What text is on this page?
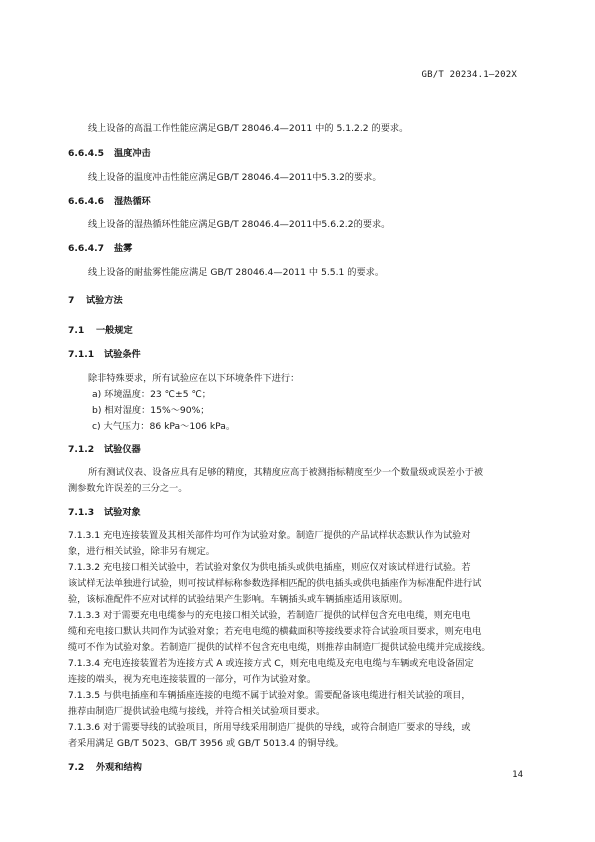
GB/T 20234.1—202X
线上设备的高温工作性能应满足GB/T 28046.4—2011 中的 5.1.2.2 的要求。
6.6.4.5 温度冲击
线上设备的温度冲击性能应满足GB/T 28046.4—2011中5.3.2的要求。
6.6.4.6 湿热循环
线上设备的湿热循环性能应满足GB/T 28046.4—2011中5.6.2.2的要求。
6.6.4.7 盐雾
线上设备的耐盐雾性能应满足 GB/T 28046.4—2011 中 5.5.1 的要求。
7 试验方法
7.1 一般规定
7.1.1 试验条件
除非特殊要求，所有试验应在以下环境条件下进行：
a) 环境温度：23 ℃±5 ℃；
b) 相对湿度：15%～90%；
c) 大气压力：86 kPa～106 kPa。
7.1.2 试验仪器
所有测试仪表、设备应具有足够的精度，其精度应高于被测指标精度至少一个数量级或误差小于被
测参数允许误差的三分之一。
7.1.3 试验对象
7.1.3.1 充电连接装置及其相关部件均可作为试验对象。制造厂提供的产品试样状态默认作为试验对
象，进行相关试验，除非另有规定。
7.1.3.2 充电接口相关试验中，若试验对象仅为供电插头或供电插座，则应仅对该试样进行试验。若
该试样无法单独进行试验，则可按试样标称参数选择相匹配的供电插头或供电插座作为标准配件进行试
验，该标准配件不应对试样的试验结果产生影响。车辆插头或车辆插座适用该原则。
7.1.3.3 对于需要充电电缆参与的充电接口相关试验，若制造厂提供的试样包含充电电缆，则充电电
缆和充电接口默认共同作为试验对象；若充电电缆的横截面积等接线要求符合试验项目要求，则充电电
缆可不作为试验对象。若制造厂提供的试样不包含充电电缆，则推荐由制造厂提供试验电缆并完成接线。
7.1.3.4 充电连接装置若为连接方式 A 或连接方式 C，则充电电缆及充电电缆与车辆或充电设备固定
连接的端头，视为充电连接装置的一部分，可作为试验对象。
7.1.3.5 与供电插座和车辆插座连接的电缆不属于试验对象。需要配备该电缆进行相关试验的项目，
推荐由制造厂提供试验电缆与接线，并符合相关试验项目要求。
7.1.3.6 对于需要导线的试验项目，所用导线采用制造厂提供的导线，或符合制造厂要求的导线，或
者采用满足 GB/T 5023、GB/T 3956 或 GB/T 5013.4 的铜导线。
7.2 外观和结构
14
